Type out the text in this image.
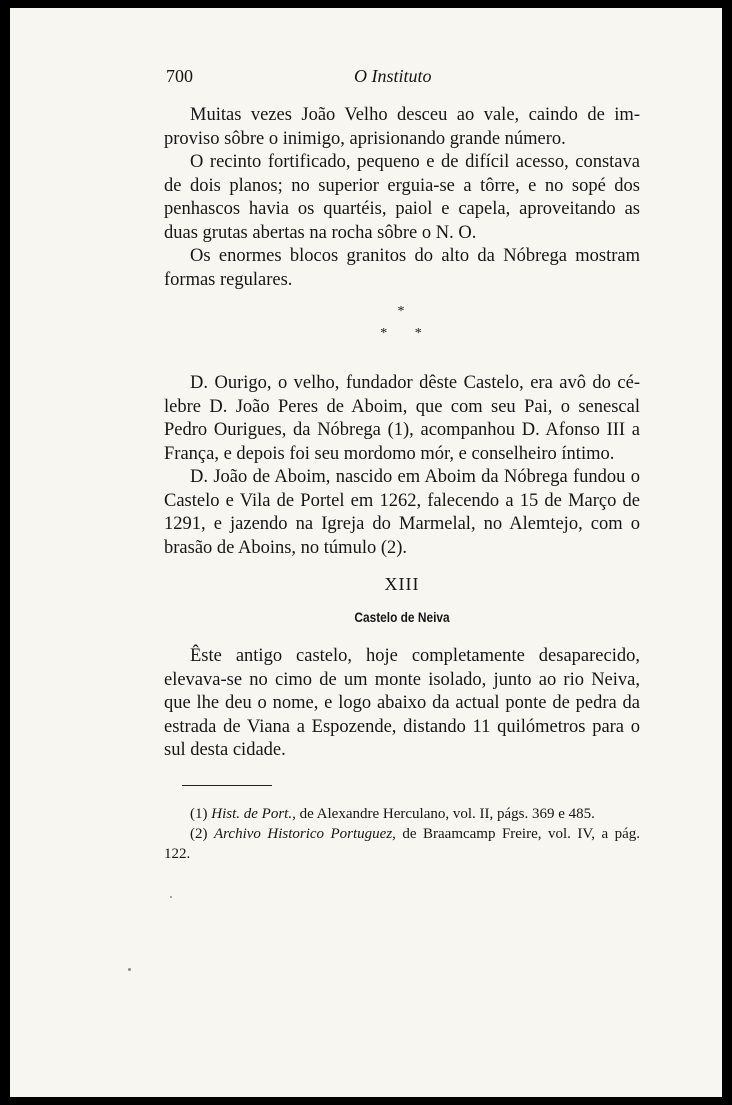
700	O Instituto

Muitas vezes João Velho desceu ao vale, caindo de improviso sôbre o inimigo, aprisionando grande número.

O recinto fortificado, pequeno e de difícil acesso, constava de dois planos; no superior erguia-se a tôrre, e no sopé dos penhascos havia os quartéis, paiol e capela, aproveitando as duas grutas abertas na rocha sôbre o N. O.

Os enormes blocos granitos do alto da Nóbrega mostram formas regulares.

*
* *

D. Ourigo, o velho, fundador dêste Castelo, era avô do célebre D. João Peres de Aboim, que com seu Pai, o senescal Pedro Ourigues, da Nóbrega (1), acompanhou D. Afonso III a França, e depois foi seu mordomo mór, e conselheiro íntimo.

D. João de Aboim, nascido em Aboim da Nóbrega fundou o Castelo e Vila de Portel em 1262, falecendo a 15 de Março de 1291, e jazendo na Igreja do Marmelal, no Alemtejo, com o brasão de Aboins, no túmulo (2).

XIII
Castelo de Neiva

Êste antigo castelo, hoje completamente desaparecido, elevava-se no cimo de um monte isolado, junto ao rio Neiva, que lhe deu o nome, e logo abaixo da actual ponte de pedra da estrada de Viana a Espozende, distando 11 quilómetros para o sul desta cidade.

(1) Hist. de Port., de Alexandre Herculano, vol. II, págs. 369 e 485.

(2) Archivo Historico Portuguez, de Braamcamp Freire, vol. IV, a pág. 122.
